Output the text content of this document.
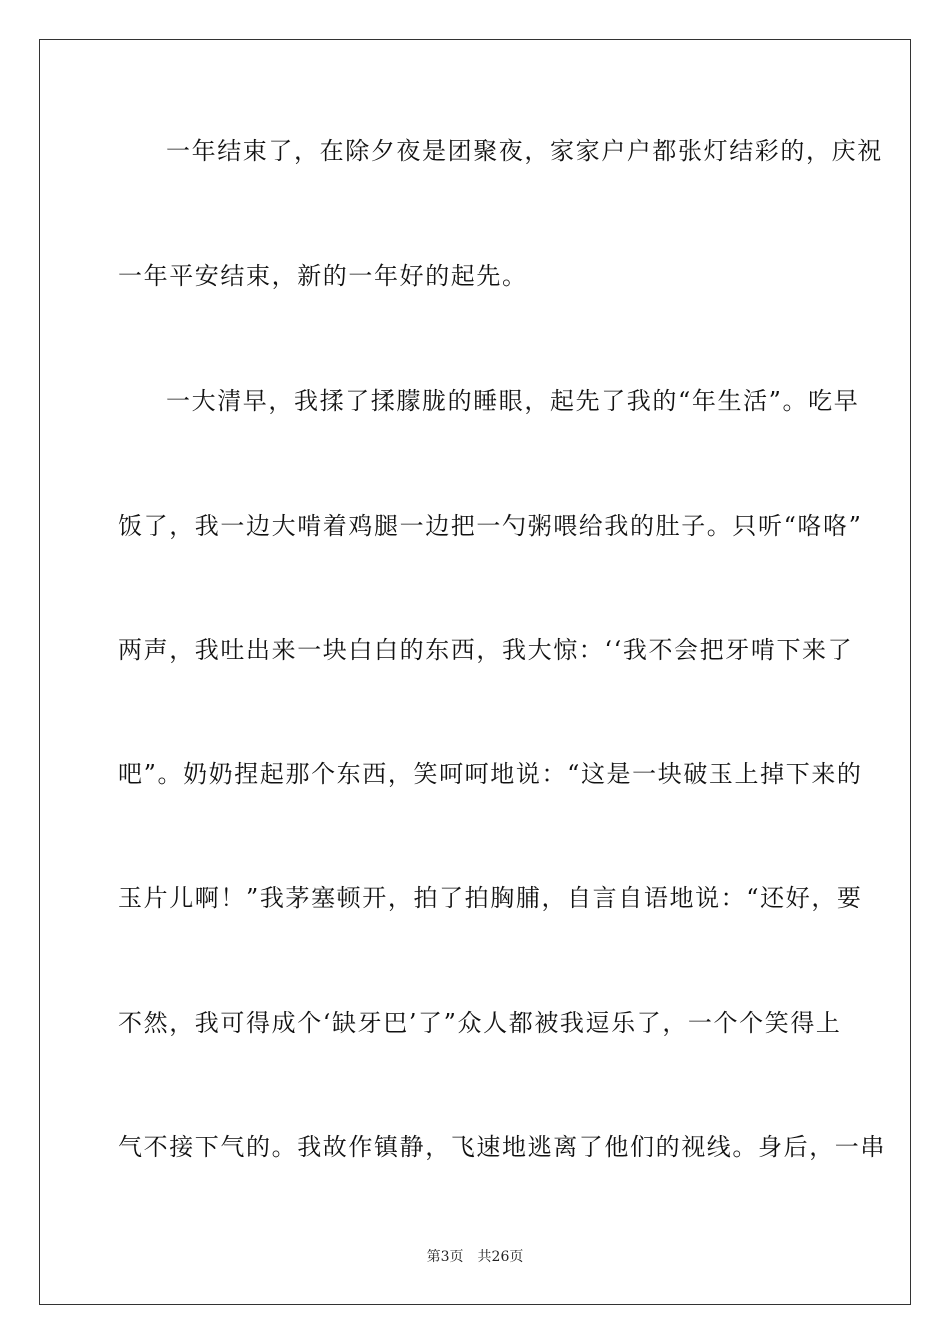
一年结束了，在除夕夜是团聚夜，家家户户都张灯结彩的，庆祝
一年平安结束，新的一年好的起先。
一大清早，我揉了揉朦胧的睡眼，起先了我的“年生活”。吃早
饭了，我一边大啃着鸡腿一边把一勺粥喂给我的肚子。只听“咯咯”
两声，我吐出来一块白白的东西，我大惊：‘‘我不会把牙啃下来了
吧”。奶奶捏起那个东西，笑呵呵地说：“这是一块破玉上掉下来的
玉片儿啊！”我茅塞顿开，拍了拍胸脯，自言自语地说：“还好，要
不然，我可得成个‘缺牙巴’了”众人都被我逗乐了，一个个笑得上
气不接下气的。我故作镇静，飞速地逃离了他们的视线。身后，一串
第3页 共26页
